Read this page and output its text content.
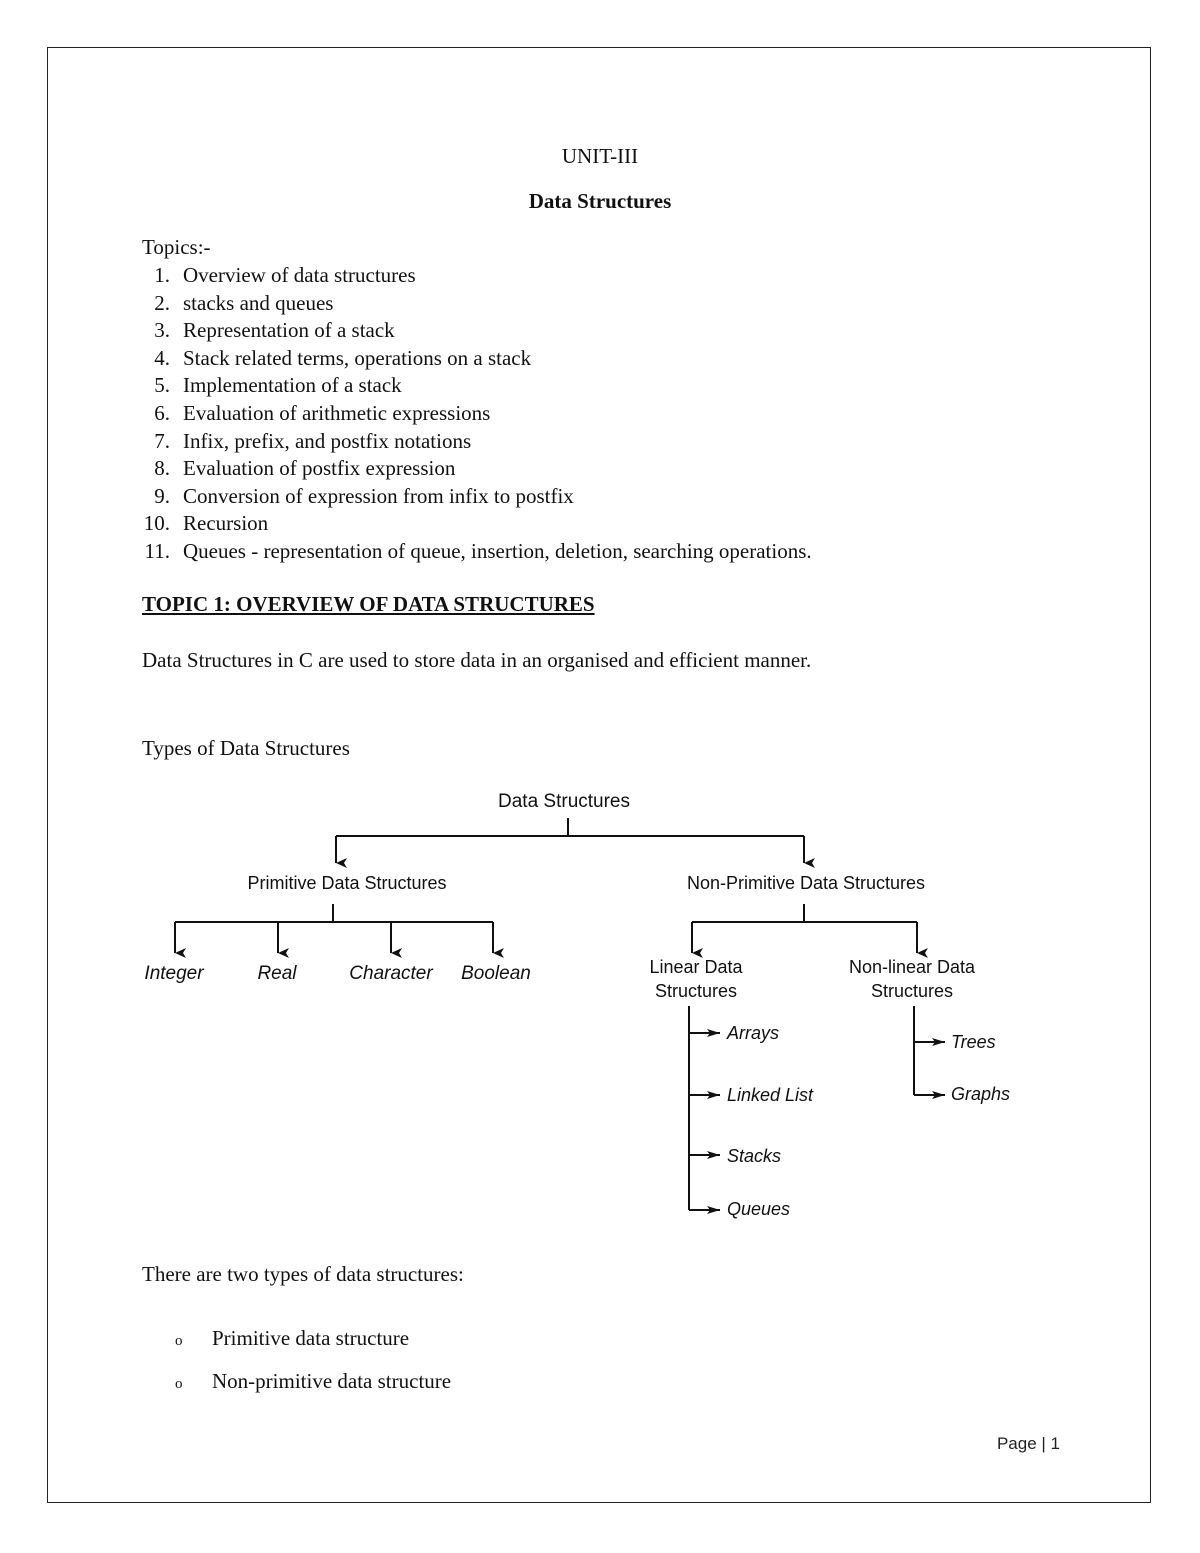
UNIT-III
Data Structures
Topics:-
1. Overview of data structures
2. stacks and queues
3. Representation of a stack
4. Stack related terms, operations on a stack
5. Implementation of a stack
6. Evaluation of arithmetic expressions
7. Infix, prefix, and postfix notations
8. Evaluation of postfix expression
9. Conversion of expression from infix to postfix
10. Recursion
11. Queues - representation of queue, insertion, deletion, searching operations.
TOPIC 1: OVERVIEW OF DATA STRUCTURES
Data Structures in C are used to store data in an organised and efficient manner.
Types of Data Structures
Data Structures
Primitive Data Structures	Non-Primitive Data Structures
Integer	Real	Character Boolean	Linear Data
Structures
Non-linear Data
Structures
Arrays
Linked List
Stacks
Queues
Trees
Graphs
There are two types of data structures:
o Primitive data structure
o Non-primitive data structure
Page | 1
